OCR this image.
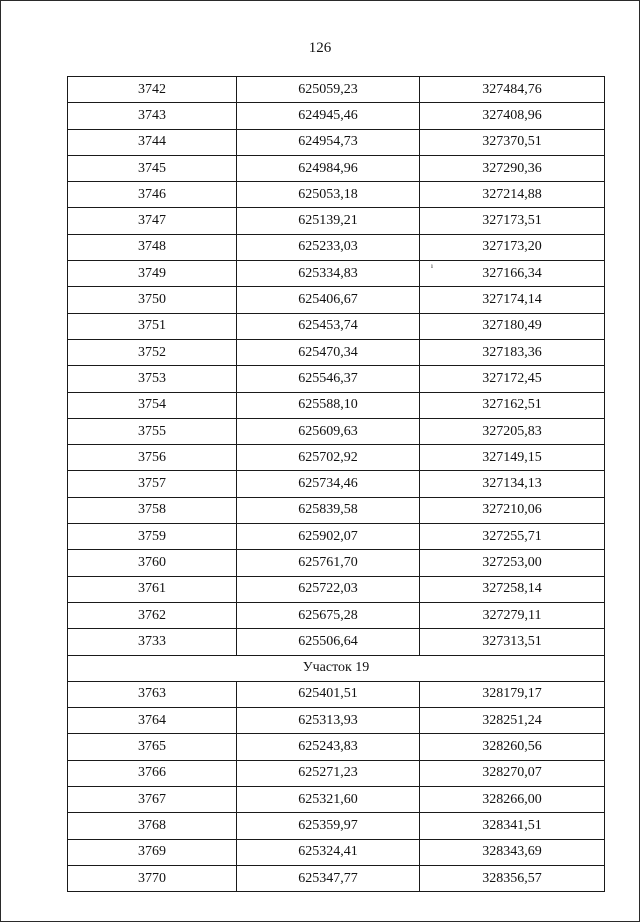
126
3742	625059,23	327484,76
3743	624945,46	327408,96
3744	624954,73	327370,51
3745	624984,96	327290,36
3746	625053,18	327214,88
3747	625139,21	327173,51
3748	625233,03	327173,20
3749	625334,83	327166,34
3750	625406,67	327174,14
3751	625453,74	327180,49
3752	625470,34	327183,36
3753	625546,37	327172,45
3754	625588,10	327162,51
3755	625609,63	327205,83
3756	625702,92	327149,15
3757	625734,46	327134,13
3758	625839,58	327210,06
3759	625902,07	327255,71
3760	625761,70	327253,00
3761	625722,03	327258,14
3762	625675,28	327279,11
3733	625506,64	327313,51
Участок 19		
3763	625401,51	328179,17
3764	625313,93	328251,24
3765	625243,83	328260,56
3766	625271,23	328270,07
3767	625321,60	328266,00
3768	625359,97	328341,51
3769	625324,41	328343,69
3770	625347,77	328356,57
ı
